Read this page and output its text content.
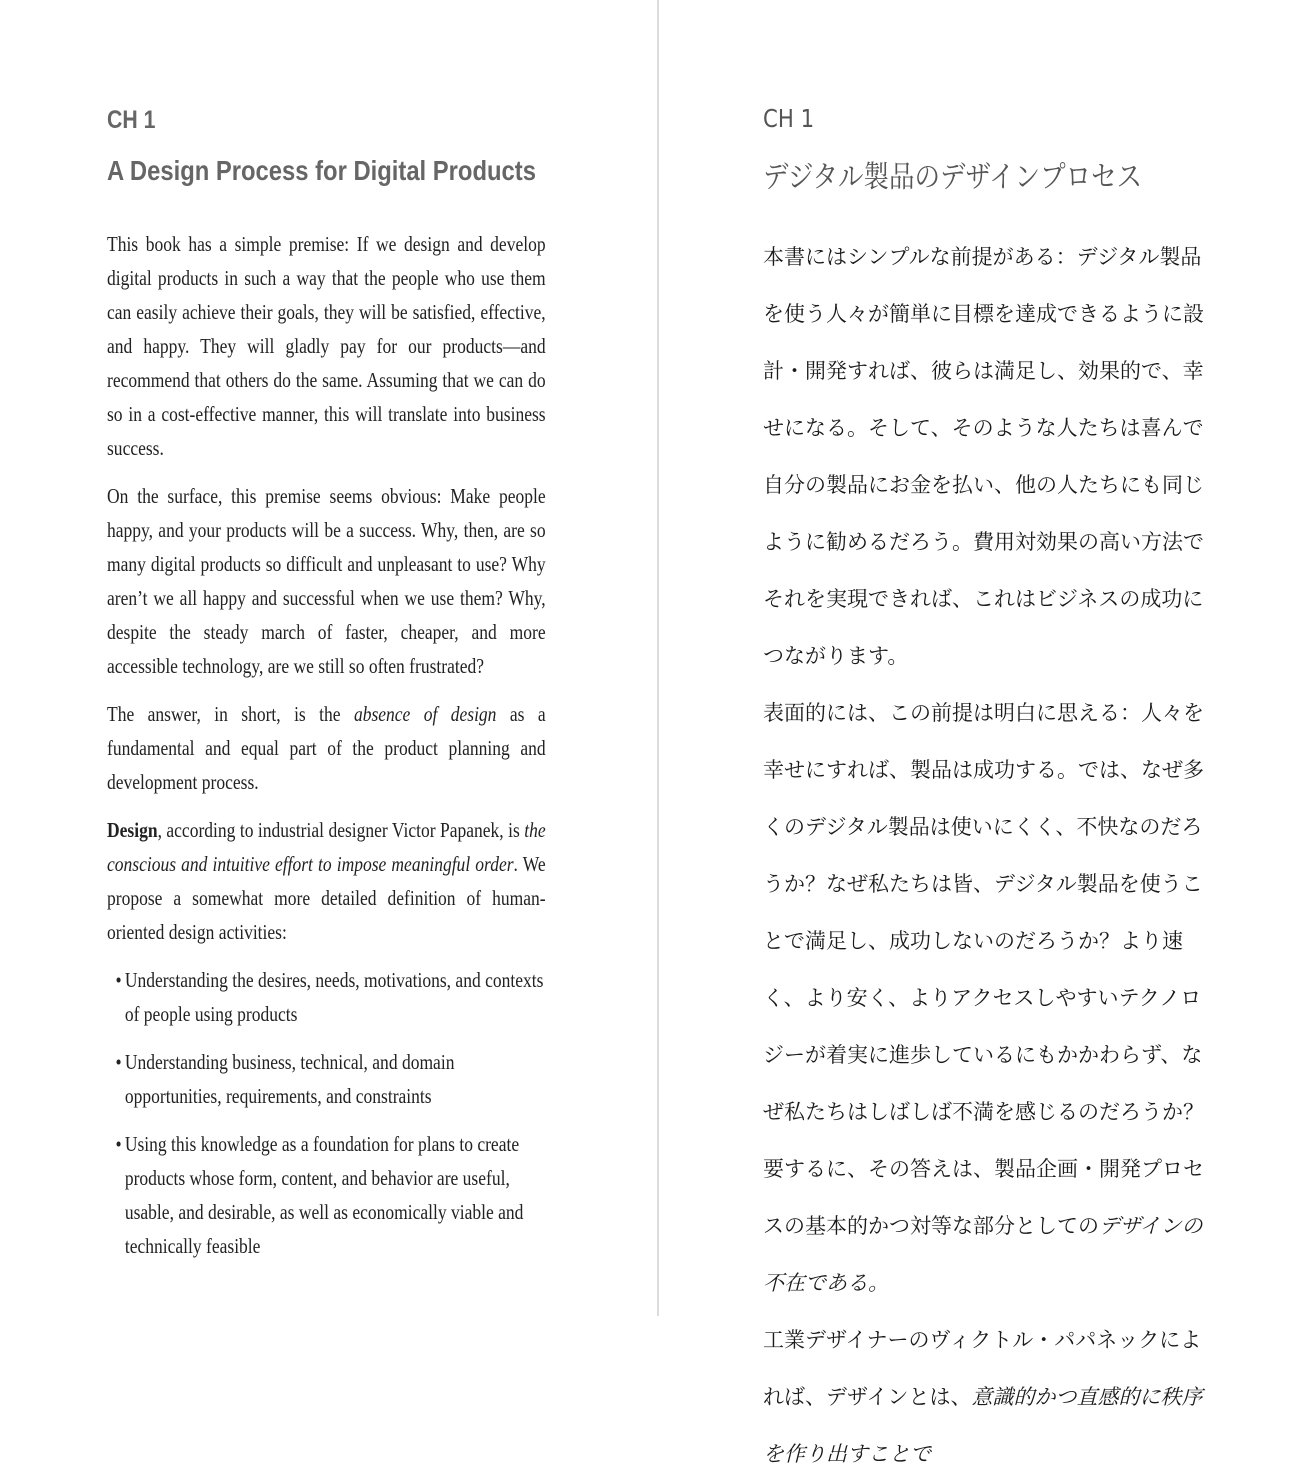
CH 1
A Design Process for Digital Products

This book has a simple premise: If we design and develop digital products in such a way that the people who use them can easily achieve their goals, they will be satisfied, effective, and happy. They will gladly pay for our products—and recommend that others do the same. Assuming that we can do so in a cost-effective manner, this will translate into business success.

On the surface, this premise seems obvious: Make people happy, and your products will be a success. Why, then, are so many digital products so difficult and unpleasant to use? Why aren’t we all happy and successful when we use them? Why, despite the steady march of faster, cheaper, and more accessible technology, are we still so often frustrated?

The answer, in short, is the absence of design as a fundamental and equal part of the product planning and development process.

Design, according to industrial designer Victor Papanek, is the conscious and intuitive effort to impose meaningful order. We propose a somewhat more detailed definition of human-oriented design activities:

• Understanding the desires, needs, motivations, and contexts of people using products
• Understanding business, technical, and domain opportunities, requirements, and constraints
• Using this knowledge as a foundation for plans to create products whose form, content, and behavior are useful, usable, and desirable, as well as economically viable and technically feasible
CH 1
デジタル製品のデザインプロセス

本書にはシンプルな前提がある：デジタル製品を使う人々が簡単に目標を達成できるように設計・開発すれば、彼らは満足し、効果的で、幸せになる。そして、そのような人たちは喜んで自分の製品にお金を払い、他の人たちにも同じように勧めるだろう。費用対効果の高い方法でそれを実現できれば、これはビジネスの成功につながります。

表面的には、この前提は明白に思える：人々を幸せにすれば、製品は成功する。では、なぜ多くのデジタル製品は使いにくく、不快なのだろうか？なぜ私たちは皆、デジタル製品を使うことで満足し、成功しないのだろうか？より速く、より安く、よりアクセスしやすいテクノロジーが着実に進歩しているにもかかわらず、なぜ私たちはしばしば不満を感じるのだろうか？

要するに、その答えは、製品企画・開発プロセスの基本的かつ対等な部分としてのデザインの不在である。

工業デザイナーのヴィクトル・パパネックによれば、デザインとは、意識的かつ直感的に秩序を作り出すことで
